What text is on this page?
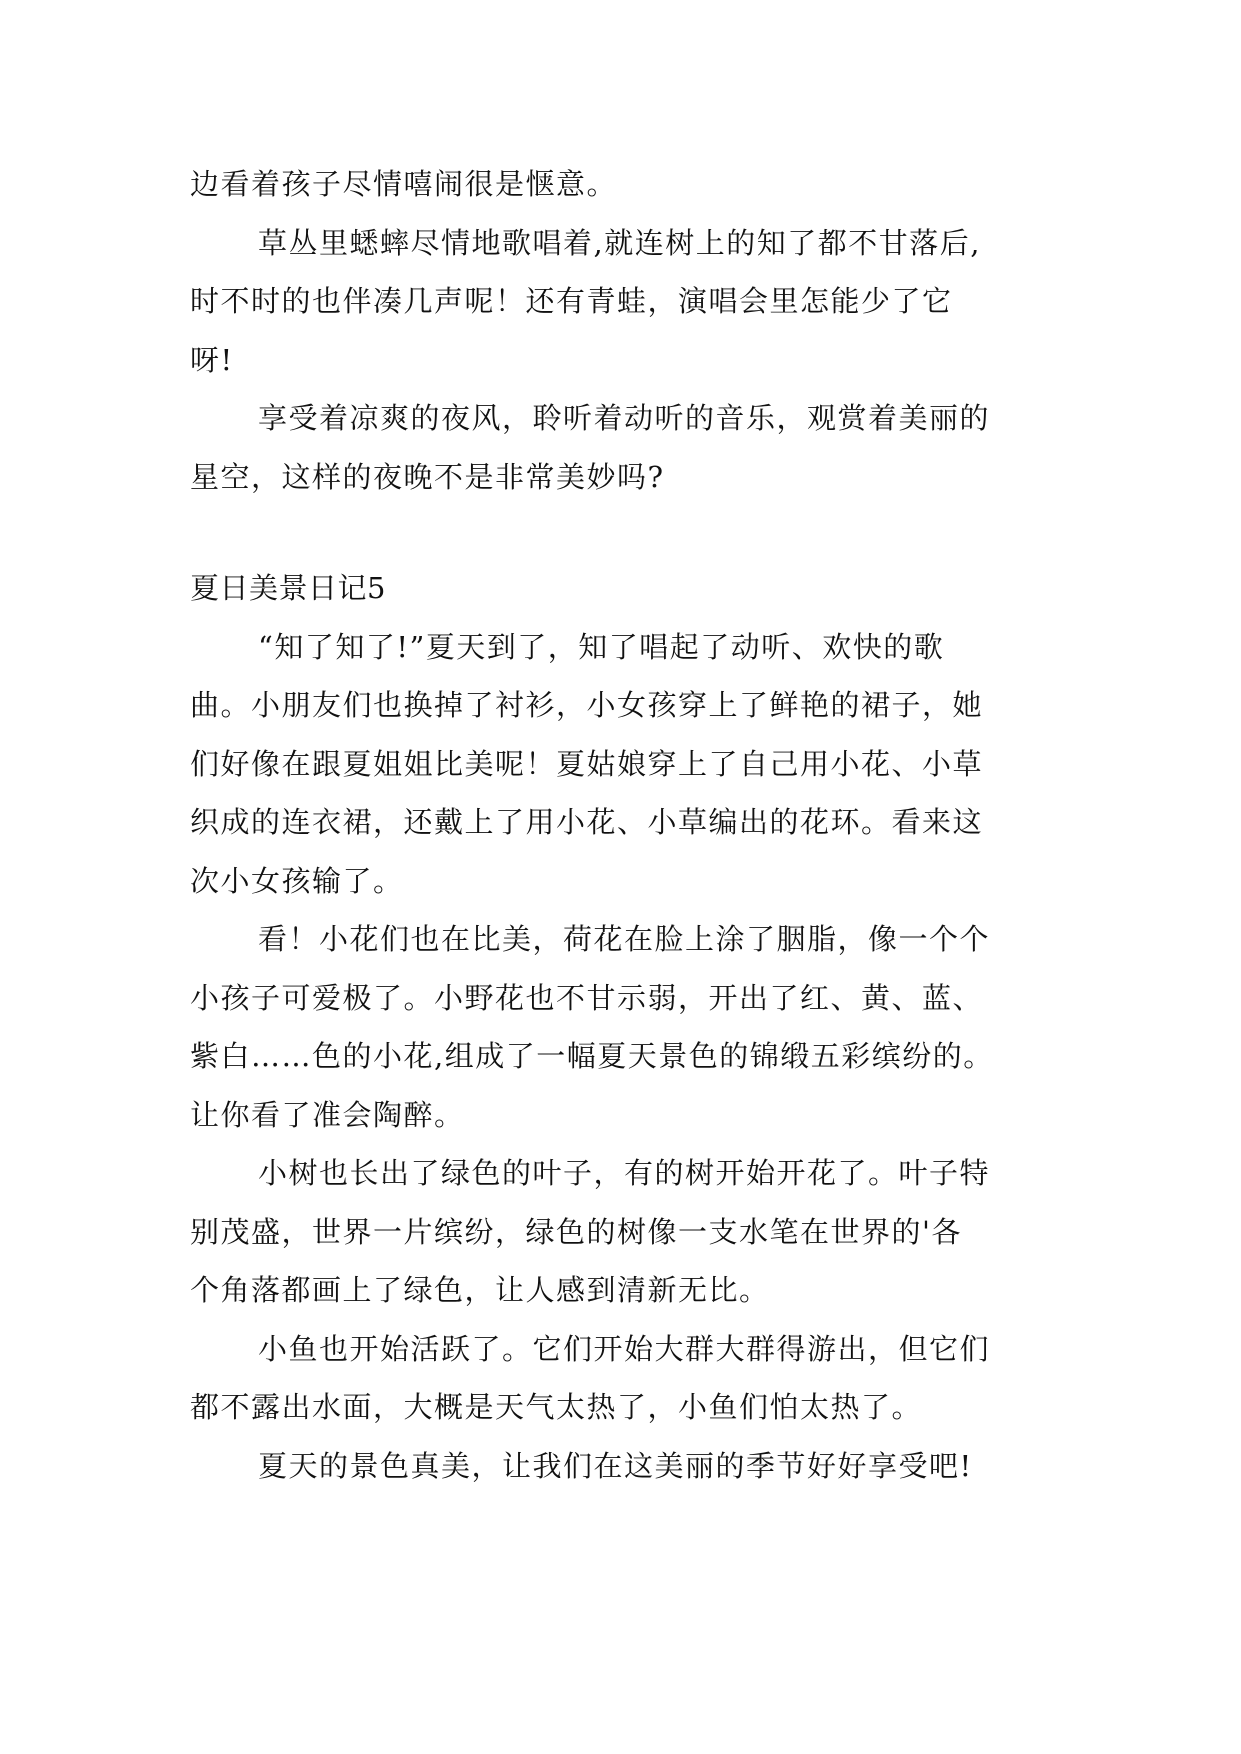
边看着孩子尽情嘻闹很是惬意。
草丛里蟋蟀尽情地歌唱着,就连树上的知了都不甘落后,
时不时的也伴凑几声呢！还有青蛙，演唱会里怎能少了它
呀!
享受着凉爽的夜风，聆听着动听的音乐，观赏着美丽的
星空，这样的夜晚不是非常美妙吗?
夏日美景日记5
“知了知了!”夏天到了，知了唱起了动听、欢快的歌
曲。小朋友们也换掉了衬衫，小女孩穿上了鲜艳的裙子，她
们好像在跟夏姐姐比美呢！夏姑娘穿上了自己用小花、小草
织成的连衣裙，还戴上了用小花、小草编出的花环。看来这
次小女孩输了。
看！小花们也在比美，荷花在脸上涂了胭脂，像一个个
小孩子可爱极了。小野花也不甘示弱，开出了红、黄、蓝、
紫白……色的小花,组成了一幅夏天景色的锦缎五彩缤纷的。
让你看了准会陶醉。
小树也长出了绿色的叶子，有的树开始开花了。叶子特
别茂盛，世界一片缤纷，绿色的树像一支水笔在世界的'各
个角落都画上了绿色，让人感到清新无比。
小鱼也开始活跃了。它们开始大群大群得游出，但它们
都不露出水面，大概是天气太热了，小鱼们怕太热了。
夏天的景色真美，让我们在这美丽的季节好好享受吧!
